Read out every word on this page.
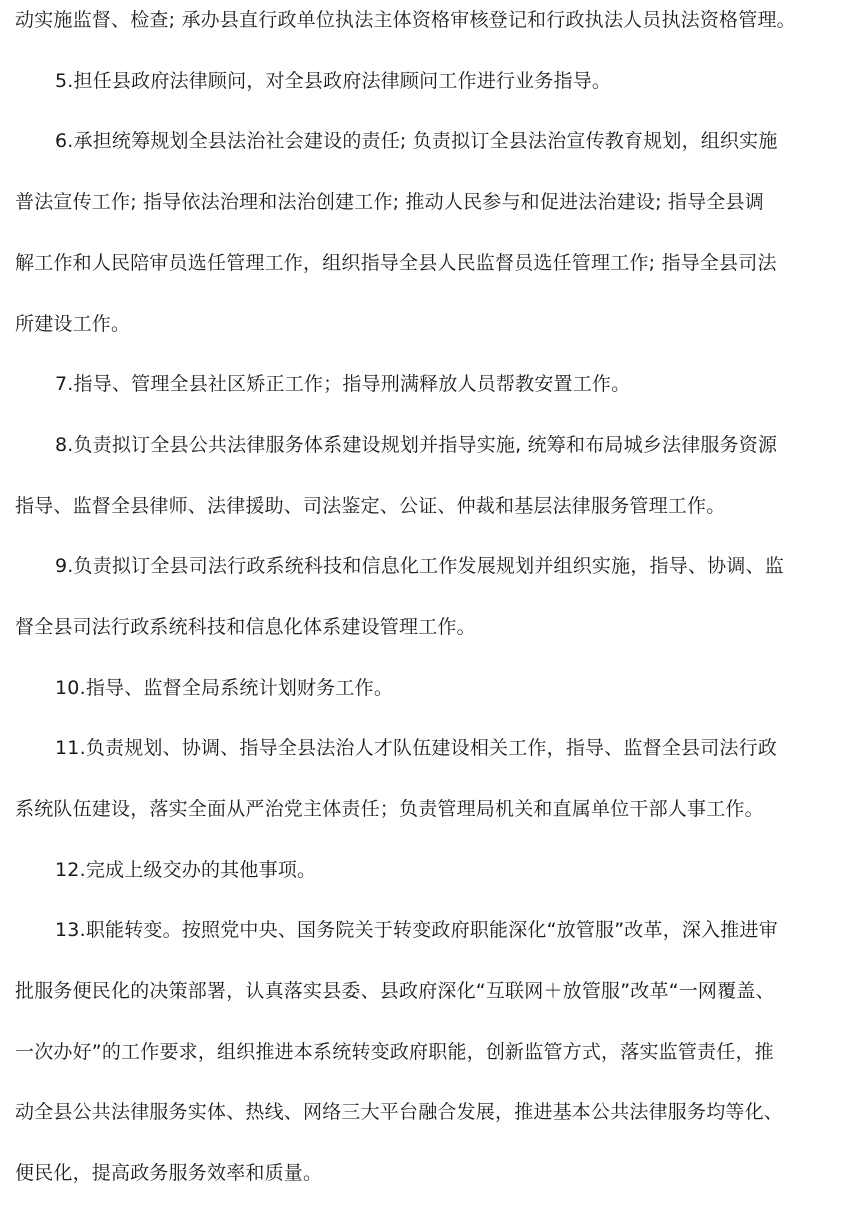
动实施监督、检查; 承办县直行政单位执法主体资格审核登记和行政执法人员执法资格管理。
5.担任县政府法律顾问，对全县政府法律顾问工作进行业务指导。
6.承担统筹规划全县法治社会建设的责任; 负责拟订全县法治宣传教育规划，组织实施
普法宣传工作; 指导依法治理和法治创建工作; 推动人民参与和促进法治建设; 指导全县调
解工作和人民陪审员选任管理工作，组织指导全县人民监督员选任管理工作; 指导全县司法
所建设工作。
7.指导、管理全县社区矫正工作；指导刑满释放人员帮教安置工作。
8.负责拟订全县公共法律服务体系建设规划并指导实施, 统筹和布局城乡法律服务资源
指导、监督全县律师、法律援助、司法鉴定、公证、仲裁和基层法律服务管理工作。
9.负责拟订全县司法行政系统科技和信息化工作发展规划并组织实施，指导、协调、监
督全县司法行政系统科技和信息化体系建设管理工作。
10.指导、监督全局系统计划财务工作。
11.负责规划、协调、指导全县法治人才队伍建设相关工作，指导、监督全县司法行政
系统队伍建设，落实全面从严治党主体责任；负责管理局机关和直属单位干部人事工作。
12.完成上级交办的其他事项。
13.职能转变。按照党中央、国务院关于转变政府职能深化“放管服”改革，深入推进审
批服务便民化的决策部署，认真落实县委、县政府深化“互联网＋放管服”改革“一网覆盖、
一次办好”的工作要求，组织推进本系统转变政府职能，创新监管方式，落实监管责任，推
动全县公共法律服务实体、热线、网络三大平台融合发展，推进基本公共法律服务均等化、
便民化，提高政务服务效率和质量。
